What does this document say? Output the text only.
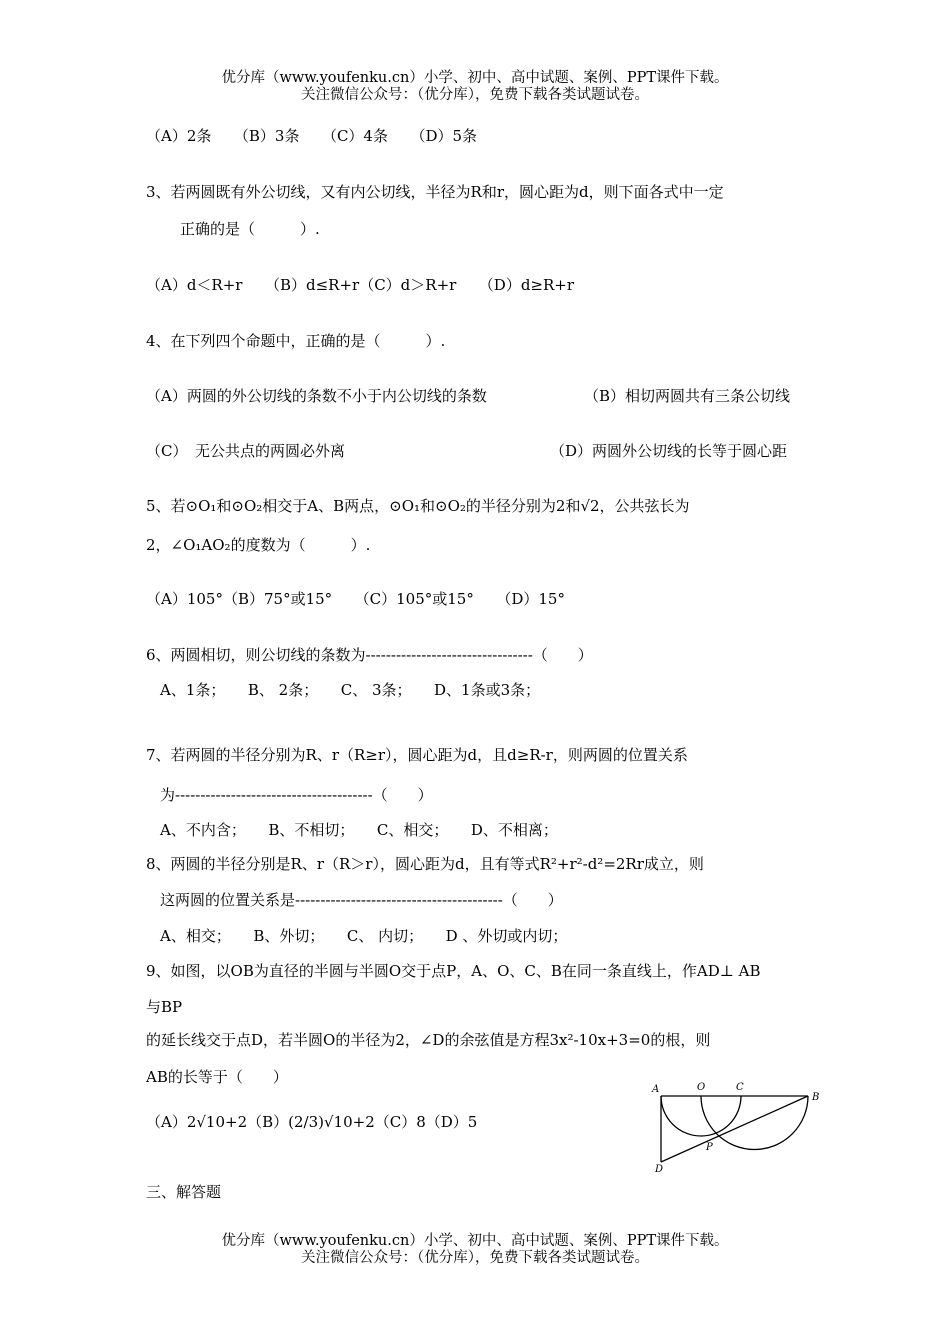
优分库（www.youfenku.cn）小学、初中、高中试题、案例、PPT课件下载。
关注微信公众号：（优分库），免费下载各类试题试卷。
（A）2条　　（B）3条　　（C）4条　　（D）5条
3、若两圆既有外公切线，又有内公切线，半径为R和r，圆心距为d，则下面各式中一定
正确的是（　　　）.
（A）d＜R+r　　（B）d≤R+r（C）d＞R+r　　（D）d≥R+r
4、在下列四个命题中，正确的是（　　　）.
（A）两圆的外公切线的条数不小于内公切线的条数	（B）相切两圆共有三条公切线
（C）　无公共点的两圆必外离	（D）两圆外公切线的长等于圆心距
5、若⊙O₁和⊙O₂相交于A、B两点，⊙O₁和⊙O₂的半径分别为2和√2，公共弦长为
2，∠O₁AO₂的度数为（　　　）.
（A）105°（B）75°或15°　　（C）105°或15°　　（D）15°
6、两圆相切，则公切线的条数为---------------------------------（　　）
A、1条；　　B、 2条；　　C、 3条；　　D、1条或3条；
7、若两圆的半径分别为R、r（R≥r），圆心距为d，且d≥R-r，则两圆的位置关系
为---------------------------------------（　　）
A、不内含；　　B、不相切；　　C、相交；　　D、不相离；
8、两圆的半径分别是R、r（R＞r），圆心距为d，且有等式R²+r²-d²=2Rr成立，则
这两圆的位置关系是-----------------------------------------（　　）
A、相交；　　B、外切；　　C、 内切；　　D 、外切或内切；
9、如图，以OB为直径的半圆与半圆O交于点P，A、O、C、B在同一条直线上，作AD⊥ AB
与BP
的延长线交于点D，若半圆O的半径为2，∠D的余弦值是方程3x²-10x+3=0的根，则
AB的长等于（　　）
（A）2√10+2（B）(2/3)√10+2（C）8（D）5
A	O	C
B
P
D
三、解答题
优分库（www.youfenku.cn）小学、初中、高中试题、案例、PPT课件下载。
关注微信公众号：（优分库），免费下载各类试题试卷。
